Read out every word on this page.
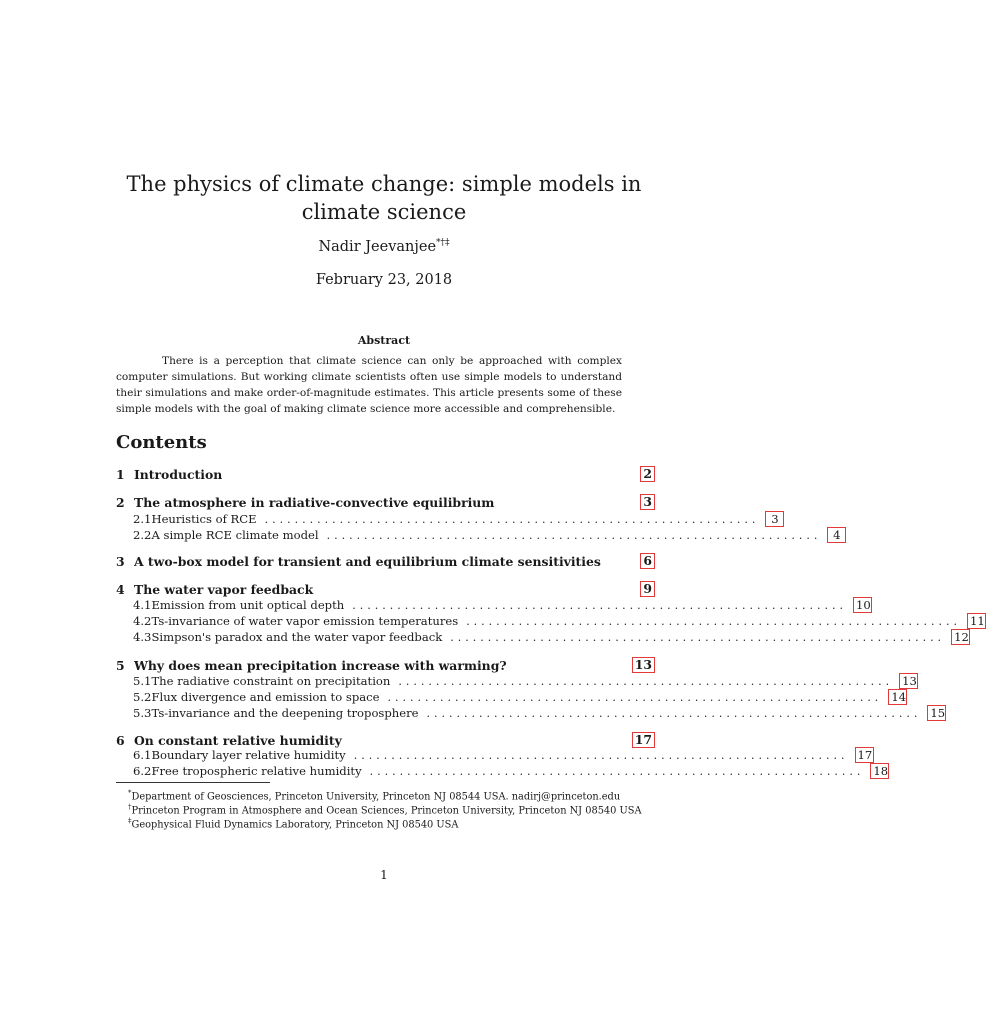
The physics of climate change: simple models in climate science
Nadir Jeevanjee*†‡
February 23, 2018
Abstract

There is a perception that climate science can only be approached with complex computer simulations. But working climate scientists often use simple models to understand their simulations and make order-of-magnitude estimates. This article presents some of these simple models with the goal of making climate science more accessible and comprehensible.

Contents
1 Introduction	2
2 The atmosphere in radiative-convective equilibrium	3
2.1 Heuristics of RCE ..................................................................	3
2.2 A simple RCE climate model ..................................................................	4
3 A two-box model for transient and equilibrium climate sensitivities	6
4 The water vapor feedback	9
4.1 Emission from unit optical depth .................................................................. 10
4.2 Ts-invariance of water vapor emission temperatures .................................................................. 11
4.3 Simpson's paradox and the water vapor feedback .................................................................. 12
5 Why does mean precipitation increase with warming?	13
5.1 The radiative constraint on precipitation .................................................................. 13
5.2 Flux divergence and emission to space .................................................................. 14
5.3 Ts-invariance and the deepening troposphere .................................................................. 15
6 On constant relative humidity	17
6.1 Boundary layer relative humidity .................................................................. 17
6.2 Free tropospheric relative humidity .................................................................. 18
*Department of Geosciences, Princeton University, Princeton NJ 08544 USA. nadirj@princeton.edu
†Princeton Program in Atmosphere and Ocean Sciences, Princeton University, Princeton NJ 08540 USA
‡Geophysical Fluid Dynamics Laboratory, Princeton NJ 08540 USA
1
